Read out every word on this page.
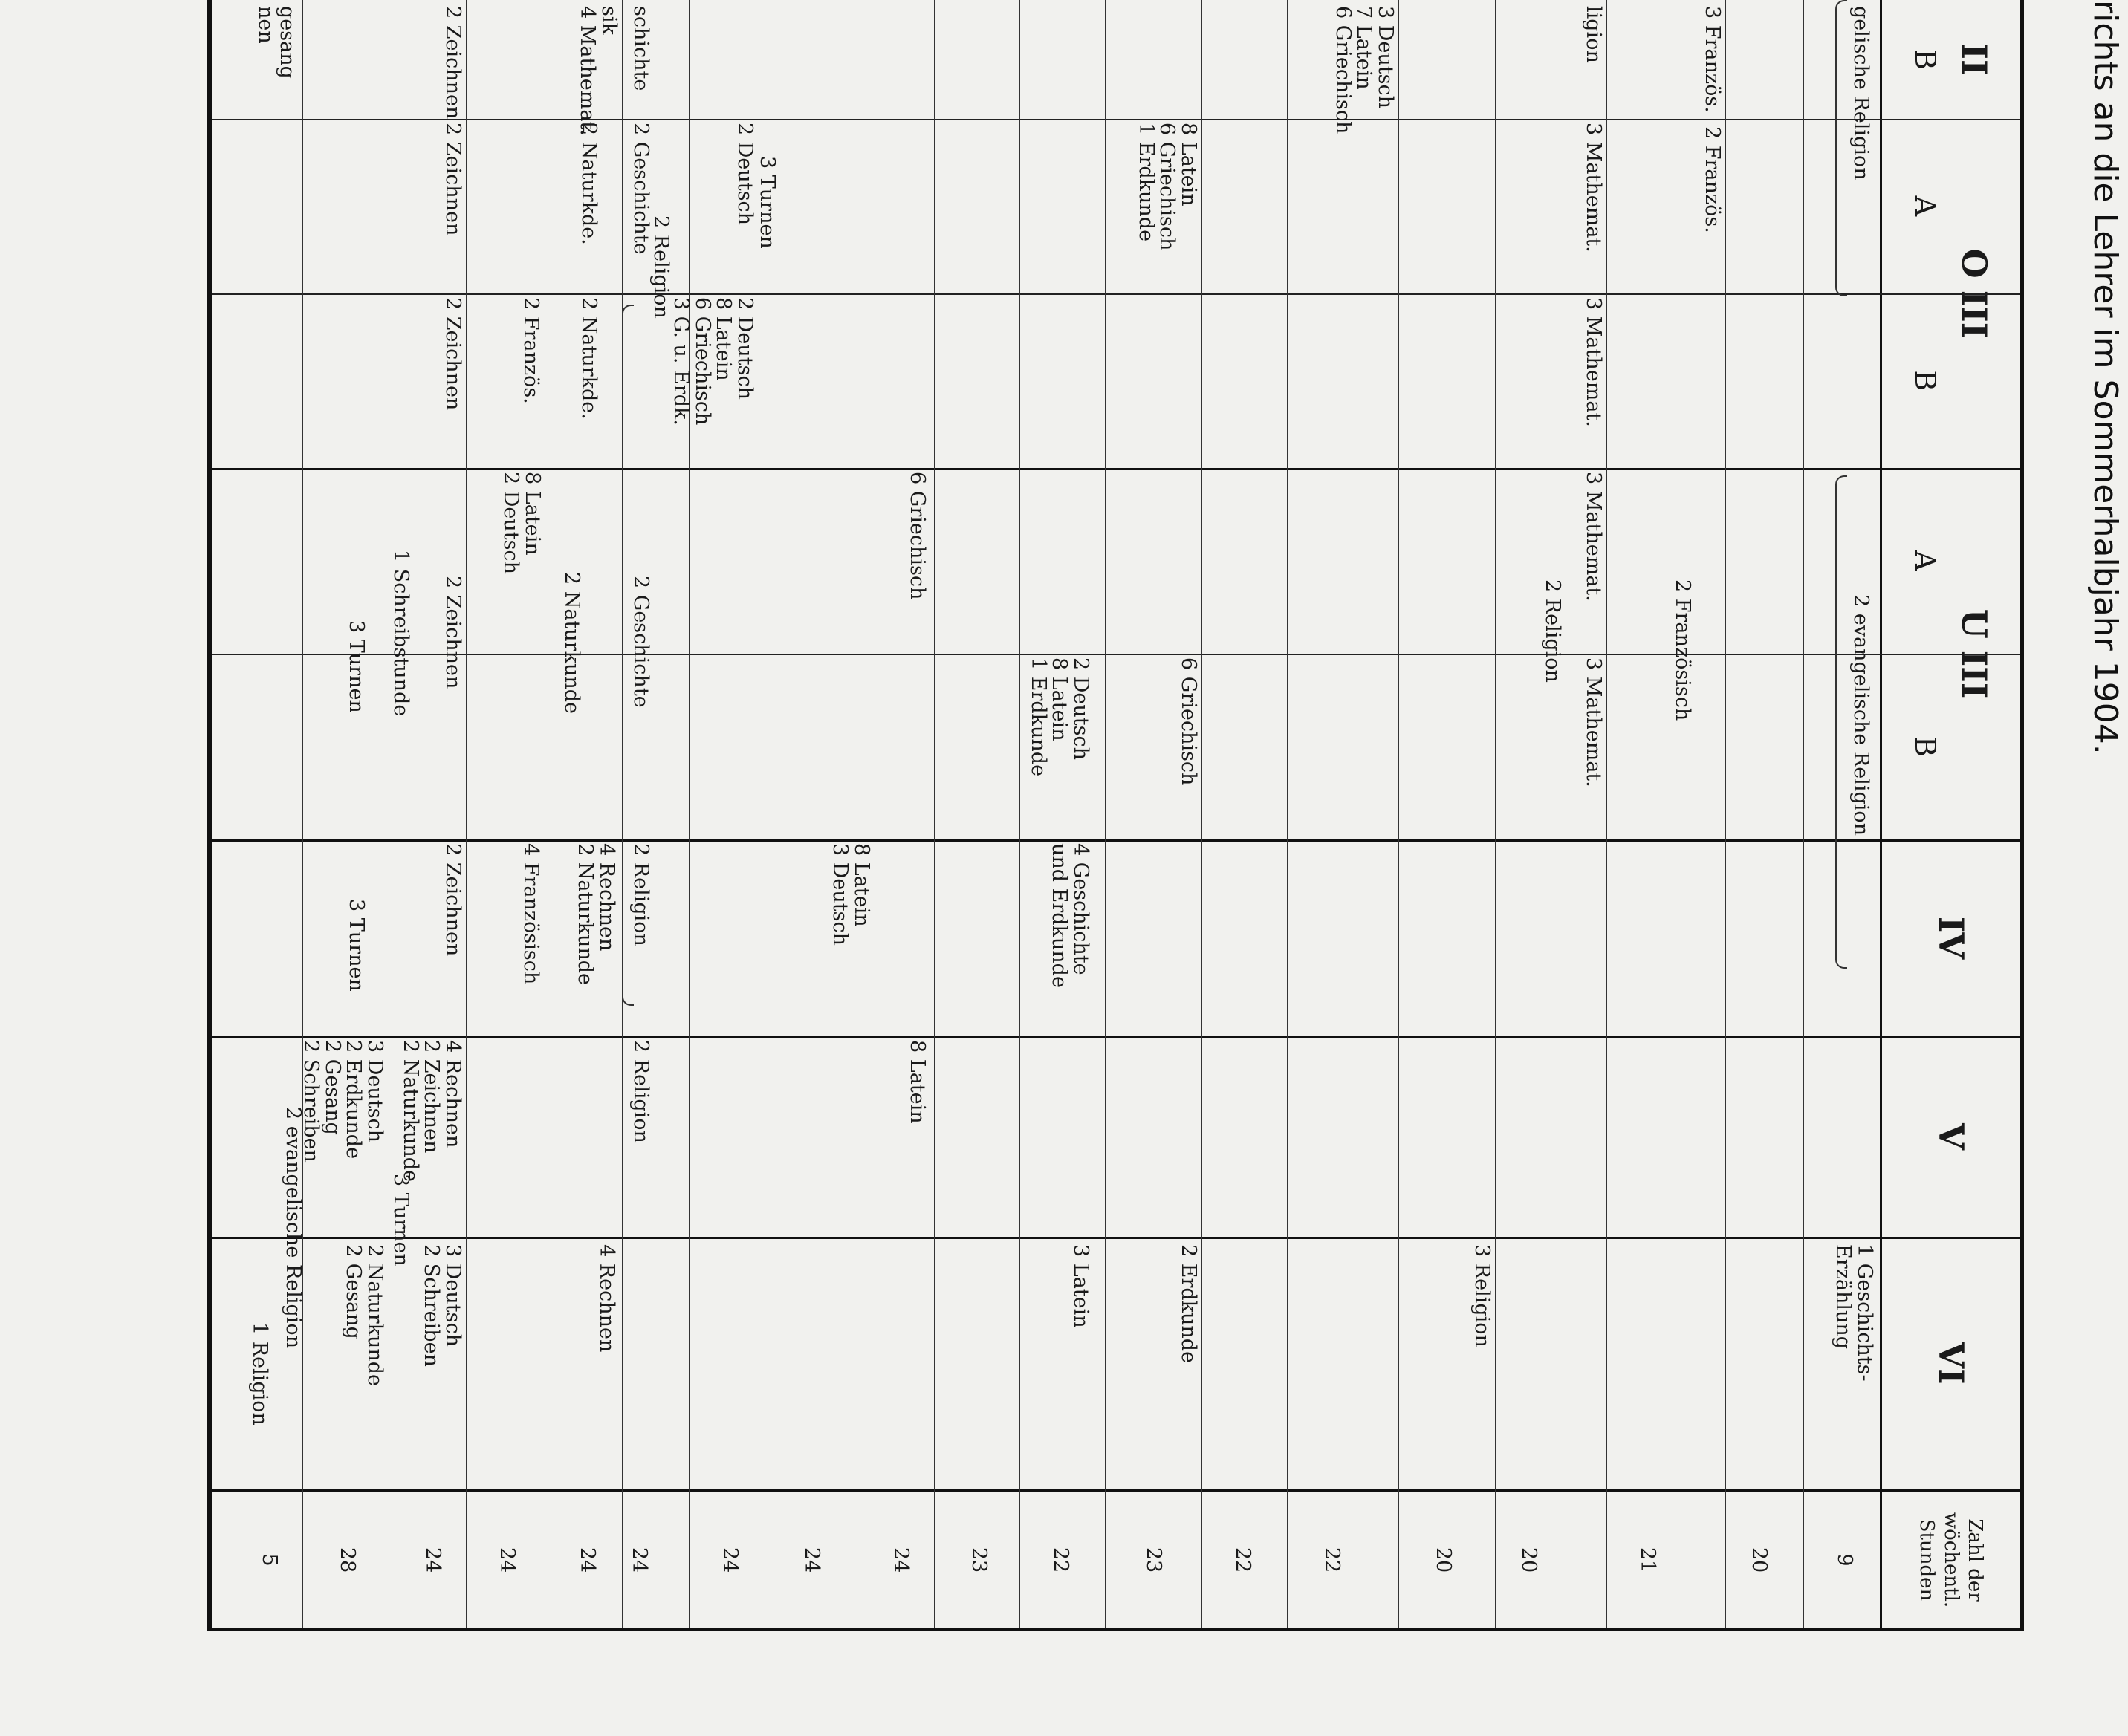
richts an die Lehrer im Sommerhalbjahr 1904.
II
B
O III
A
B
U III
A
B
IV
V
VI
Zahl der
wöchentl.
Stunden
gelische Religion
2 evangelische Religion
1 Geschichts-
Erzählung
9
20
3 Französ.
2 Französ.
2 Französisch
21
ligion
3 Mathemat.
3 Mathemat.
3 Mathemat.
3 Mathemat.
2 Religion
20
3 Religion
20
3 Deutsch
7 Latein
6 Griechisch
22
22
8 Latein
6 Griechisch
1 Erdkunde
6 Griechisch
2 Erdkunde
23
22
2 Deutsch
8 Latein
1 Erdkunde
4 Geschichte
und Erdkunde
3 Latein
23
6 Griechisch
8 Latein
24
8 Latein
3 Deutsch
24
3 Turnen
2 Deutsch
2 Deutsch
8 Latein
6 Griechisch
3 G. u. Erdk.
24
schichte
2 Geschichte
2 Religion
2 Geschichte
2 Religion
2 Religion
24
sik
4 Mathemat.
2 Naturkde.
2 Naturkde.
2 Naturkunde
4 Rechnen
2 Naturkunde
4 Rechnen
24
2 Französ.
8 Latein
2 Deutsch
4 Französisch
24
2 Zeichnen
2 Zeichnen
2 Zeichnen
2 Zeichnen
2 Zeichnen
4 Rechnen
2 Zeichnen
2 Naturkunde
3 Deutsch
2 Schreiben
24
1 Schreibstunde
3 Turnen
3 Turnen
3 Turnen
3 Deutsch
2 Erdkunde
2 Gesang
2 Schreiben
2 Naturkunde
2 Gesang
28
gesang
nen
2 evangelische Religion
1 Religion
5
